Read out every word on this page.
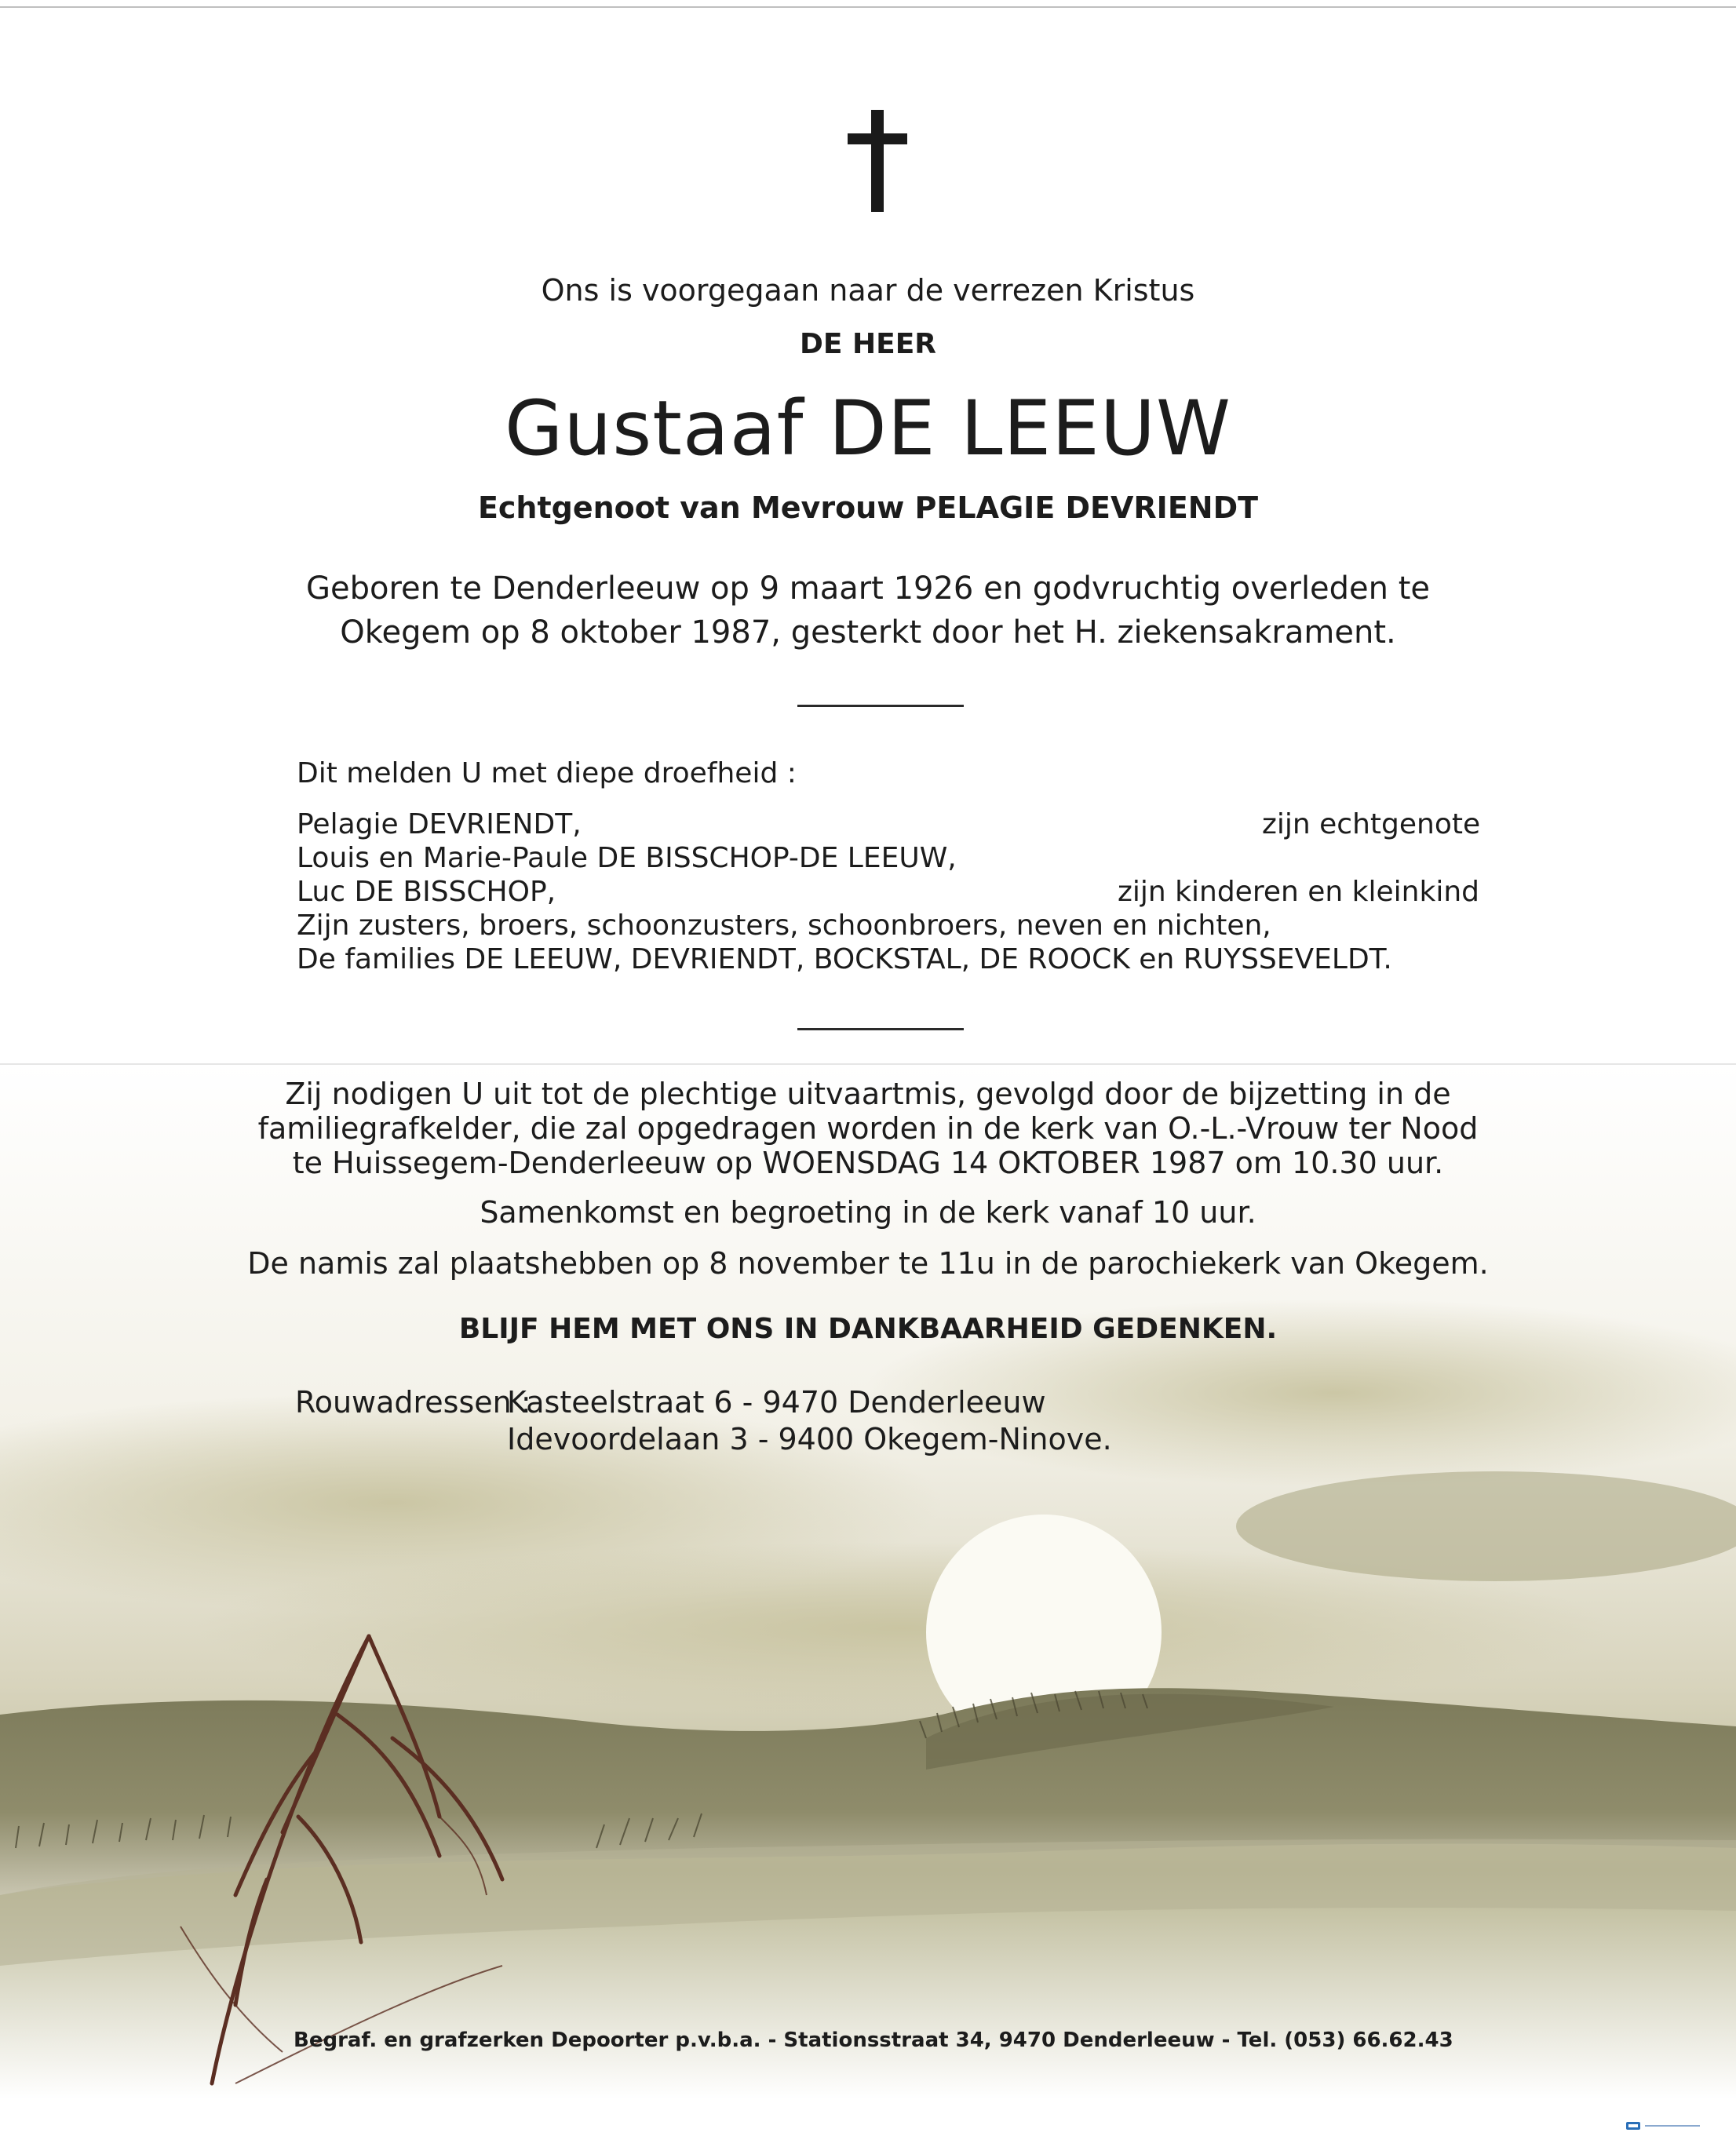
Ons is voorgegaan naar de verrezen Kristus
DE HEER
Gustaaf DE LEEUW
Echtgenoot van Mevrouw PELAGIE DEVRIENDT
Geboren te Denderleeuw op 9 maart 1926 en godvruchtig overleden te
Okegem op 8 oktober 1987, gesterkt door het H. ziekensakrament.
Dit melden U met diepe droefheid :
Pelagie DEVRIENDT,	zijn echtgenote
Louis en Marie-Paule DE BISSCHOP-DE LEEUW,
Luc DE BISSCHOP,	zijn kinderen en kleinkind
Zijn zusters, broers, schoonzusters, schoonbroers, neven en nichten,
De families DE LEEUW, DEVRIENDT, BOCKSTAL, DE ROOCK en RUYSSEVELDT.
Zij nodigen U uit tot de plechtige uitvaartmis, gevolgd door de bijzetting in de
familiegrafkelder, die zal opgedragen worden in de kerk van O.-L.-Vrouw ter Nood
te Huissegem-Denderleeuw op WOENSDAG 14 OKTOBER 1987 om 10.30 uur.
Samenkomst en begroeting in de kerk vanaf 10 uur.
De namis zal plaatshebben op 8 november te 11u in de parochiekerk van Okegem.
BLIJF HEM MET ONS IN DANKBAARHEID GEDENKEN.
Rouwadressen :
Kasteelstraat 6 - 9470 Denderleeuw
Idevoordelaan 3 - 9400 Okegem-Ninove.
Begraf. en grafzerken Depoorter p.v.b.a. - Stationsstraat 34, 9470 Denderleeuw - Tel. (053) 66.62.43
